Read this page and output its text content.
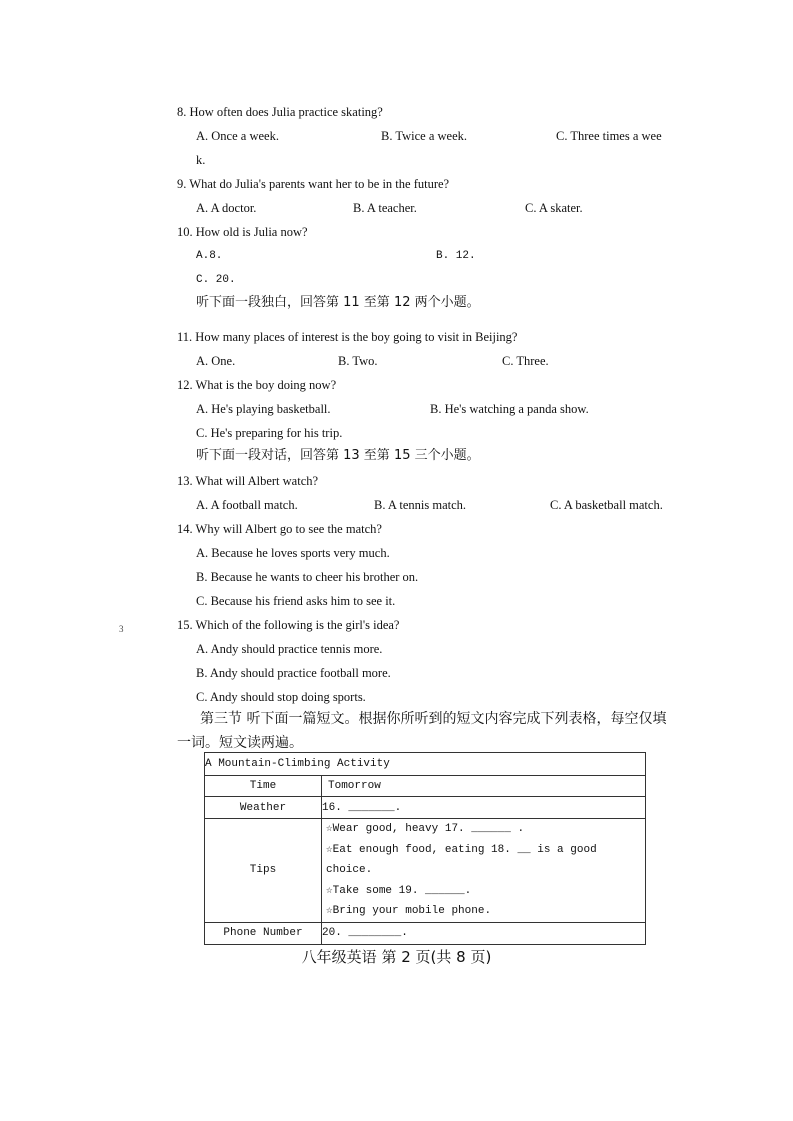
8. How often does Julia practice skating?
A. Once a week.	B. Twice a week.	C. Three times a wee
k.
9. What do Julia's parents want her to be in the future?
A. A doctor.	B. A teacher.	C. A skater.
10. How old is Julia now?
A.8.	B. 12.
C. 20.
听下面一段独白，回答第 11 至第 12 两个小题。
11. How many places of interest is the boy going to visit in Beijing?
A. One.	B. Two.	C. Three.
12. What is the boy doing now?
A. He's playing basketball.	B. He's watching a panda show.
C. He's preparing for his trip.
听下面一段对话，回答第 13 至第 15 三个小题。
13. What will Albert watch?
A. A football match.	B. A tennis match.	C. A basketball match.
14. Why will Albert go to see the match?
A. Because he loves sports very much.
B. Because he wants to cheer his brother on.
C. Because his friend asks him to see it.
3	15. Which of the following is the girl's idea?
A. Andy should practice tennis more.
B. Andy should practice football more.
C. Andy should stop doing sports.
第三节 听下面一篇短文。根据你所听到的短文内容完成下列表格，每空仅填
一词。短文读两遍。
A Mountain-Climbing Activity	
Time	Tomorrow
Weather	16. _______.
Tips	☆Wear good, heavy 17. ______ .
☆Eat enough food, eating 18. __ is a good choice.
☆Take some 19. ______.
☆Bring your mobile phone.

Phone Number	20. ________.
八年级英语 第 2 页(共 8 页)
